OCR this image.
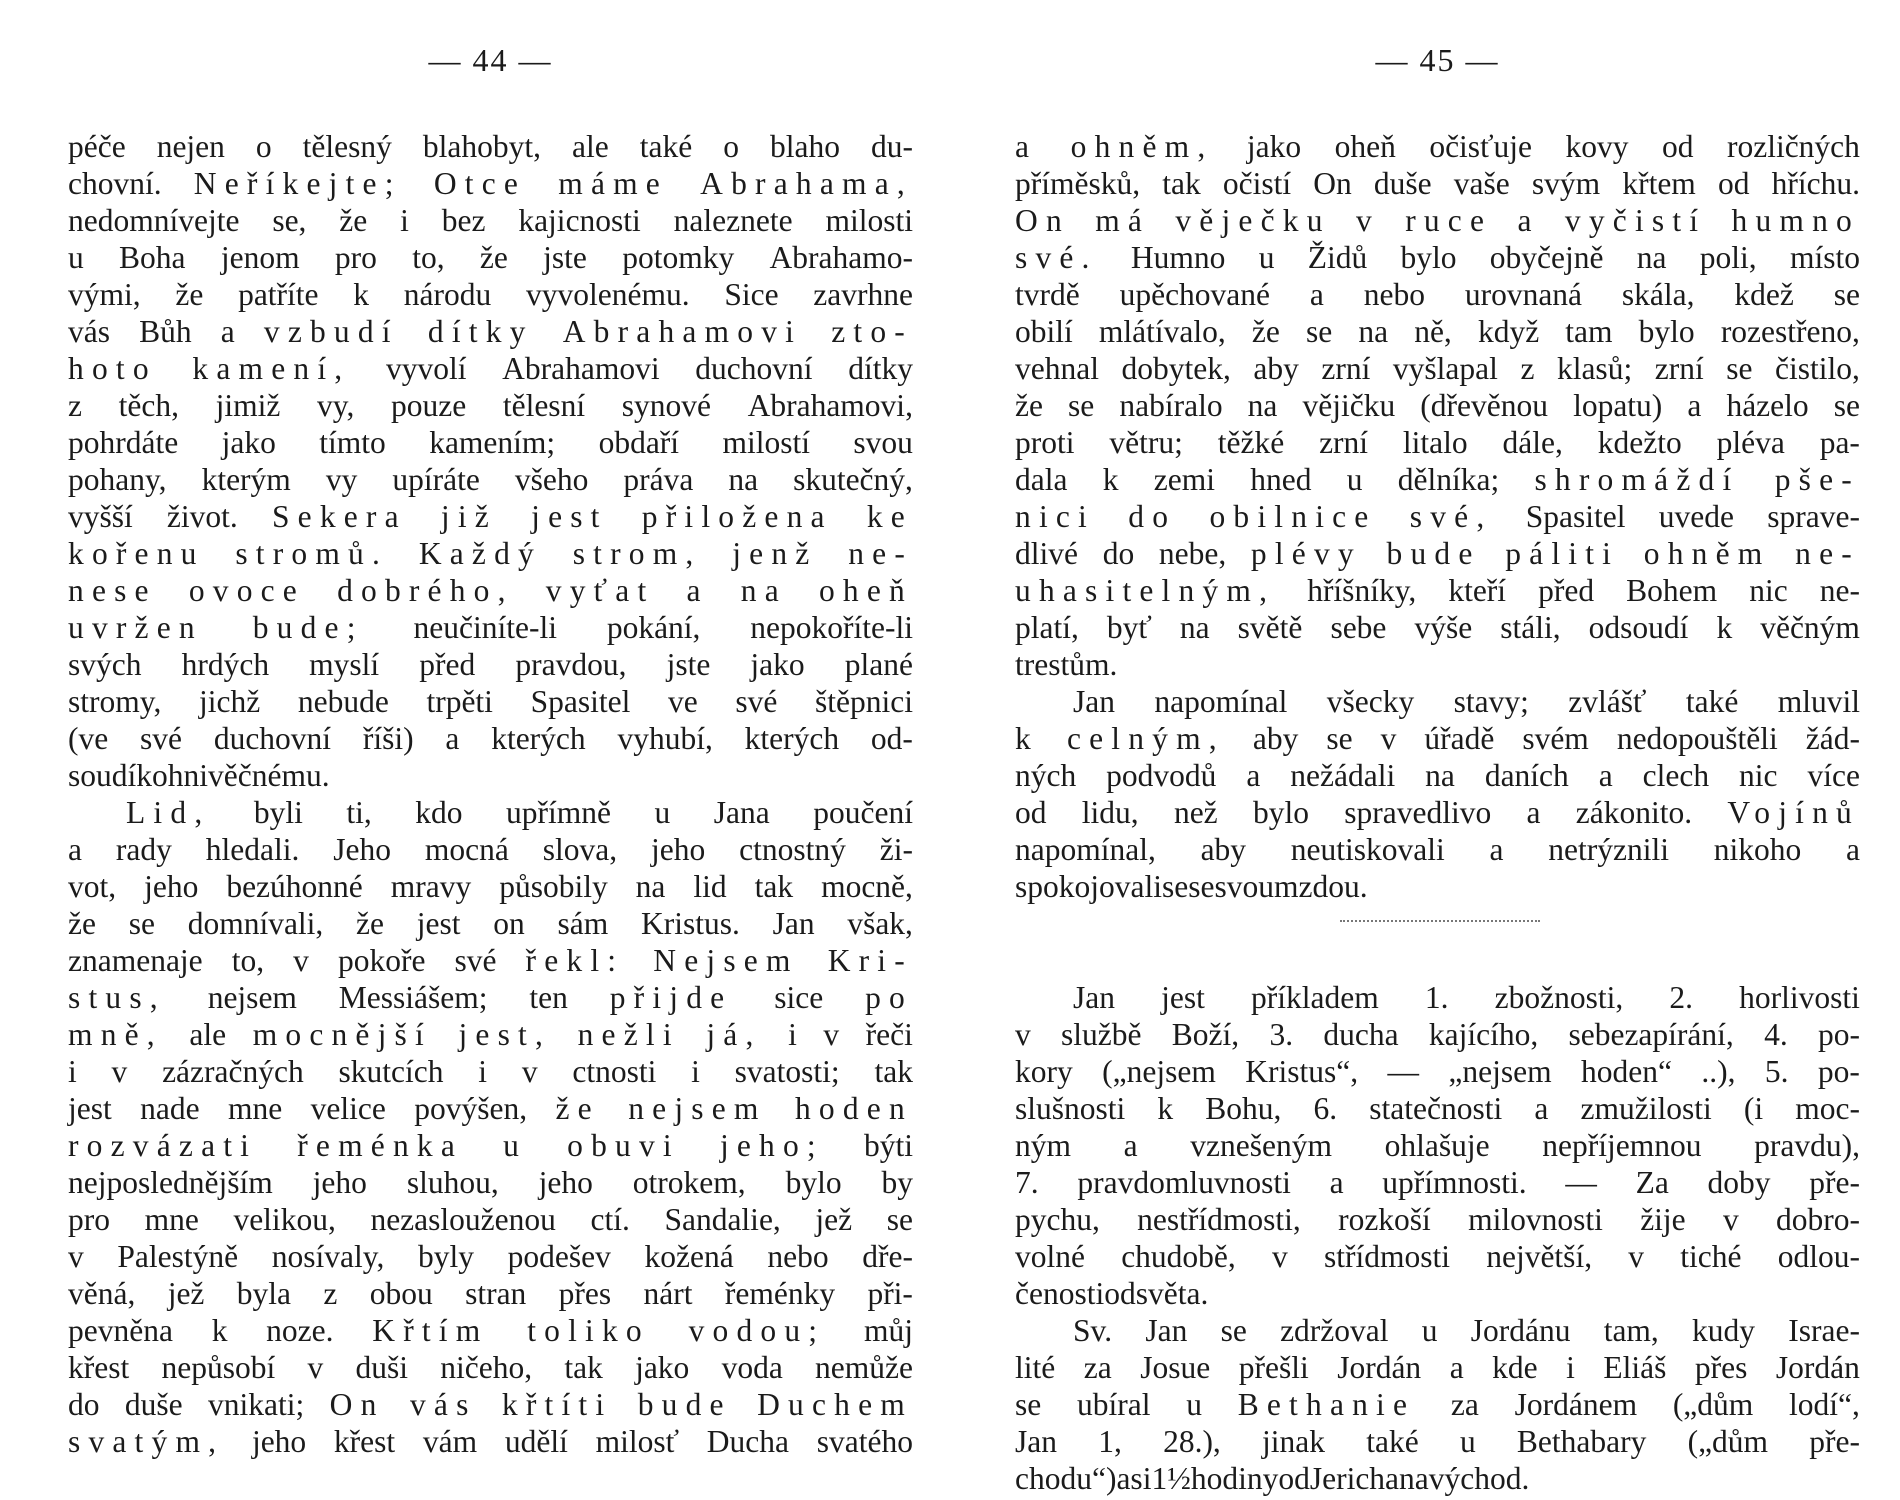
— 44 —
péče nejen o tělesný blahobyt, ale také o blaho du-
chovní. Neříkejte; Otce máme Abrahama,
nedomnívejte se, že i bez kajicnosti naleznete milosti
u Boha jenom pro to, že jste potomky Abrahamo-
vými, že patříte k národu vyvolenému. Sice zavrhne
vás Bůh a vzbudí dítky Abrahamovi zto-
hoto kamení, vyvolí Abrahamovi duchovní dítky
z těch, jimiž vy, pouze tělesní synové Abrahamovi,
pohrdáte jako tímto kamením; obdaří milostí svou
pohany, kterým vy upíráte všeho práva na skutečný,
vyšší život. Sekera již jest přiložena ke
kořenu stromů. Každý strom, jenž ne-
nese ovoce dobrého, vyťat a na oheň
uvržen bude; neučiníte-li pokání, nepokoříte-li
svých hrdých myslí před pravdou, jste jako plané
stromy, jichž nebude trpěti Spasitel ve své štěpnici
(ve své duchovní říši) a kterých vyhubí, kterých od-
soudí k ohni věčnému.
Lid, byli ti, kdo upřímně u Jana poučení
a rady hledali. Jeho mocná slova, jeho ctnostný ži-
vot, jeho bezúhonné mravy působily na lid tak mocně,
že se domnívali, že jest on sám Kristus. Jan však,
znamenaje to, v pokoře své řekl: Nejsem Kri-
stus, nejsem Messiášem; ten přijde sice po
mně, ale mocnější jest, nežli já, i v řeči
i v zázračných skutcích i v ctnosti i svatosti; tak
jest nade mne velice povýšen, že nejsem hoden
rozvázati řeménka u obuvi jeho; býti
nejposlednějším jeho sluhou, jeho otrokem, bylo by
pro mne velikou, nezaslouženou ctí. Sandalie, jež se
v Palestýně nosívaly, byly podešev kožená nebo dře-
věná, jež byla z obou stran přes nárt řeménky při-
pevněna k noze. Křtím toliko vodou; můj
křest nepůsobí v duši ničeho, tak jako voda nemůže
do duše vnikati; On vás křtíti bude Duchem
svatým, jeho křest vám udělí milosť Ducha svatého
— 45 —
a ohněm, jako oheň očisťuje kovy od rozličných
příměsků, tak očistí On duše vaše svým křtem od hříchu.
On má věječku v ruce a vyčistí humno
své. Humno u Židů bylo obyčejně na poli, místo
tvrdě upěchované a nebo urovnaná skála, kdež se
obilí mlátívalo, že se na ně, když tam bylo rozestřeno,
vehnal dobytek, aby zrní vyšlapal z klasů; zrní se čistilo,
že se nabíralo na vějičku (dřevěnou lopatu) a házelo se
proti větru; těžké zrní litalo dále, kdežto pléva pa-
dala k zemi hned u dělníka; shromáždí pše-
nici do obilnice své, Spasitel uvede sprave-
dlivé do nebe, plévy bude páliti ohněm ne-
uhasitelným, hříšníky, kteří před Bohem nic ne-
platí, byť na světě sebe výše stáli, odsoudí k věčným
trestům.
Jan napomínal všecky stavy; zvlášť také mluvil
k celným, aby se v úřadě svém nedopouštěli žád-
ných podvodů a nežádali na daních a clech nic více
od lidu, než bylo spravedlivo a zákonito. Vojínů
napomínal, aby neutiskovali a netrýznili nikoho a
spokojovali se se svou mzdou.
Jan jest příkladem 1. zbožnosti, 2. horlivosti
v službě Boží, 3. ducha kajícího, sebezapírání, 4. po-
kory („nejsem Kristus“, — „nejsem hoden“ ..), 5. po-
slušnosti k Bohu, 6. statečnosti a zmužilosti (i moc-
ným a vznešeným ohlašuje nepříjemnou pravdu),
7. pravdomluvnosti a upřímnosti. — Za doby pře-
pychu, nestřídmosti, rozkoší milovnosti žije v dobro-
volné chudobě, v střídmosti největší, v tiché odlou-
čenosti od světa.
Sv. Jan se zdržoval u Jordánu tam, kudy Israe-
lité za Josue přešli Jordán a kde i Eliáš přes Jordán
se ubíral u Bethanie za Jordánem („dům lodí“,
Jan 1, 28.), jinak také u Bethabary („dům pře-
chodu“) asi 1½ hodiny od Jericha na východ.
